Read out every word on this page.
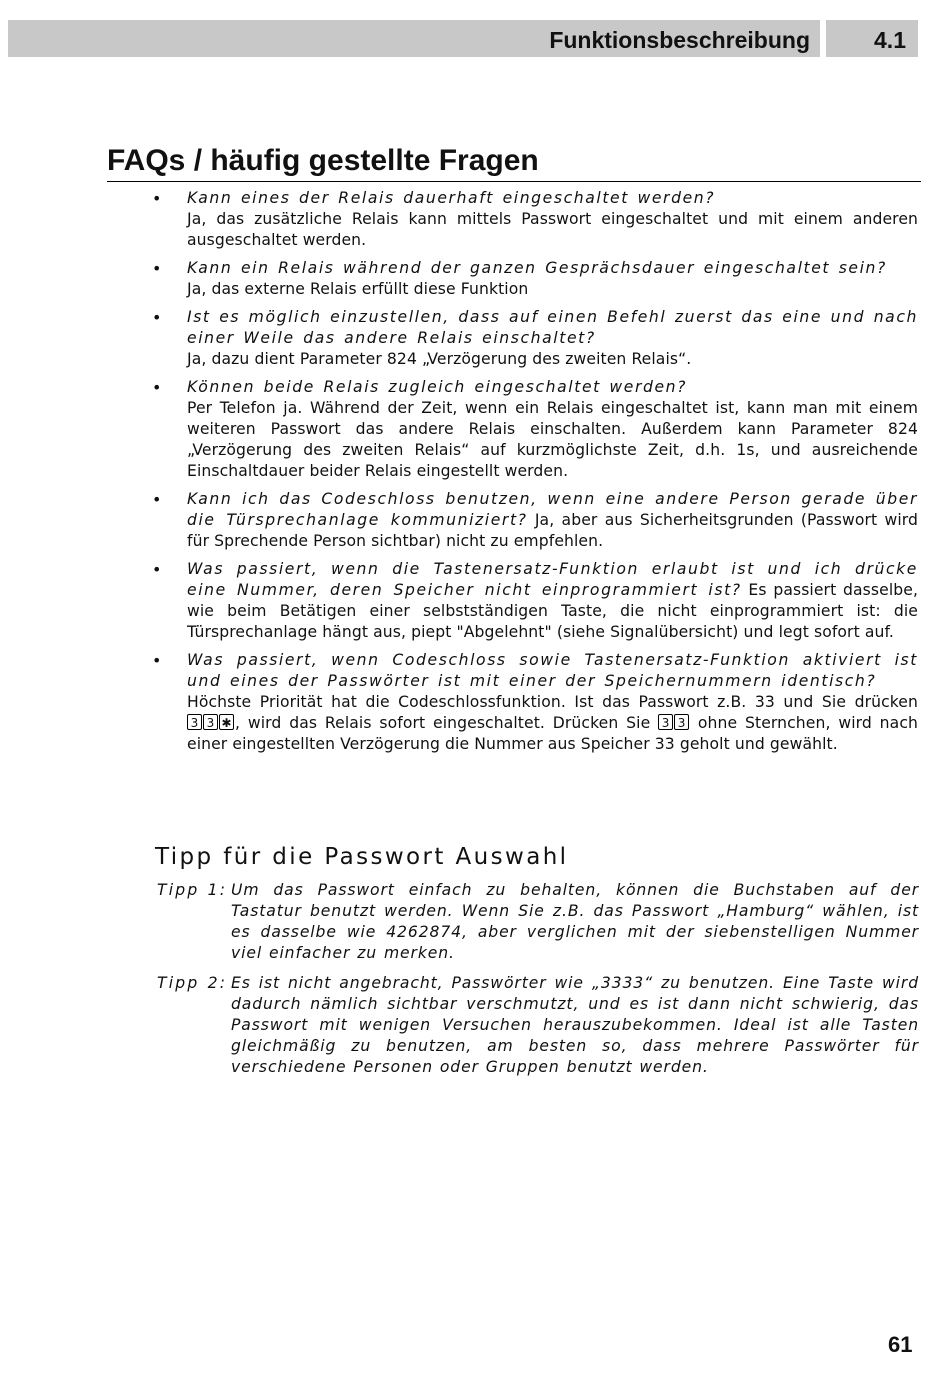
Funktionsbeschreibung	4.1
FAQs / häufig gestellte Fragen
• Kann eines der Relais dauerhaft eingeschaltet werden?
Ja, das zusätzliche Relais kann mittels Passwort eingeschaltet und mit einem anderen ausgeschaltet werden.
• Kann ein Relais während der ganzen Gesprächsdauer eingeschaltet sein?
Ja, das externe Relais erfüllt diese Funktion
• Ist es möglich einzustellen, dass auf einen Befehl zuerst das eine und nach einer Weile das andere Relais einschaltet?
Ja, dazu dient Parameter 824 „Verzögerung des zweiten Relais“.
• Können beide Relais zugleich eingeschaltet werden?
Per Telefon ja. Während der Zeit, wenn ein Relais eingeschaltet ist, kann man mit einem weiteren Passwort das andere Relais einschalten. Außerdem kann Parameter 824 „Verzögerung des zweiten Relais“ auf kurzmöglichste Zeit, d.h. 1s, und ausreichende Einschaltdauer beider Relais eingestellt werden.
• Kann ich das Codeschloss benutzen, wenn eine andere Person gerade über die Türsprechanlage kommuniziert? Ja, aber aus Sicherheitsgrunden (Passwort wird für Sprechende Person sichtbar) nicht zu empfehlen.
• Was passiert, wenn die Tastenersatz-Funktion erlaubt ist und ich drücke eine Nummer, deren Speicher nicht einprogrammiert ist? Es passiert dasselbe, wie beim Betätigen einer selbstständigen Taste, die nicht einprogrammiert ist: die Türsprechanlage hängt aus, piept "Abgelehnt" (siehe Signalübersicht) und legt sofort auf.
• Was passiert, wenn Codeschloss sowie Tastenersatz-Funktion aktiviert ist und eines der Passwörter ist mit einer der Speichernummern identisch?
Höchste Priorität hat die Codeschlossfunktion. Ist das Passwort z.B. 33 und Sie drücken 3 3 ✱ , wird das Relais sofort eingeschaltet. Drücken Sie 3 3 ohne Sternchen, wird nach einer eingestellten Verzögerung die Nummer aus Speicher 33 geholt und gewählt.
Tipp für die Passwort Auswahl
Tipp 1: Um das Passwort einfach zu behalten, können die Buchstaben auf der Tastatur benutzt werden. Wenn Sie z.B. das Passwort „Hamburg“ wählen, ist es dasselbe wie 4262874, aber verglichen mit der siebenstelligen Nummer viel einfacher zu merken.
Tipp 2: Es ist nicht angebracht, Passwörter wie „3333“ zu benutzen. Eine Taste wird dadurch nämlich sichtbar verschmutzt, und es ist dann nicht schwierig, das Passwort mit wenigen Versuchen herauszubekommen. Ideal ist alle Tasten gleichmäßig zu benutzen, am besten so, dass mehrere Passwörter für verschiedene Personen oder Gruppen benutzt werden.
61
